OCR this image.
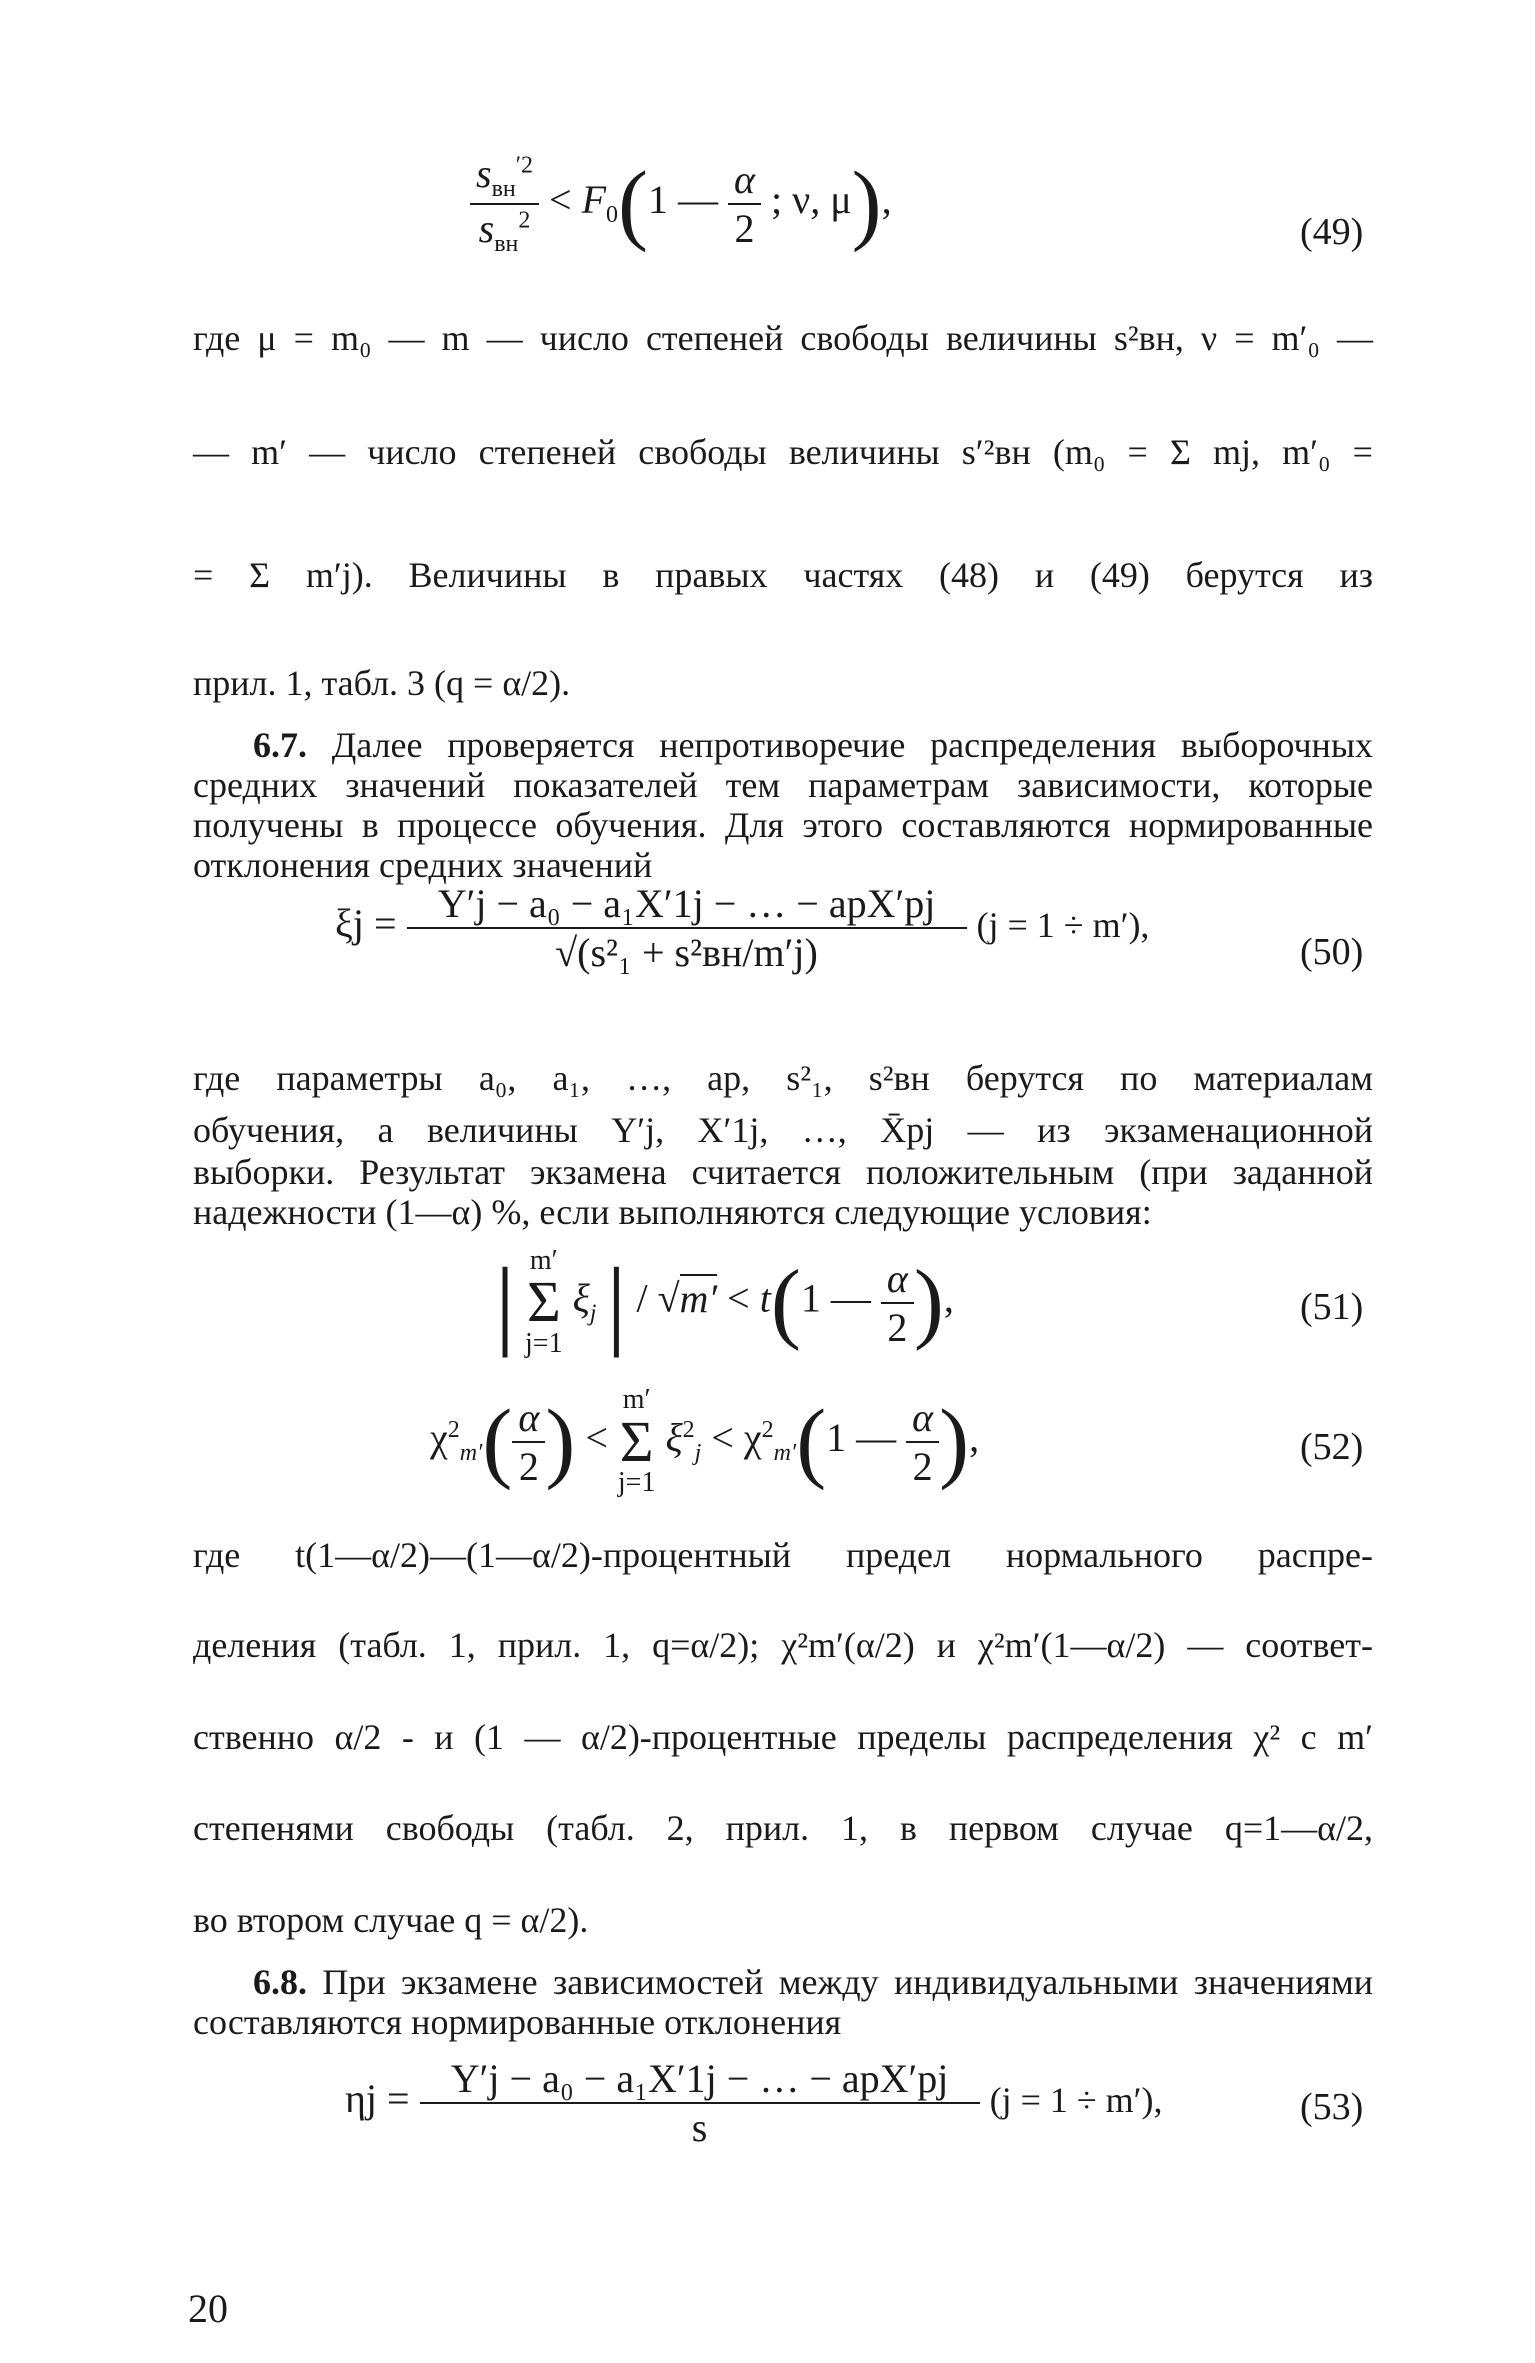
$\frac{s_{вн}^{'2}}{s_{вн}^2} < F_0(1$ — $\frac{\alpha}{2}$ ; ν, μ),
(49)
где μ = m₀ — m — число степеней свободы величины s²вн, ν = m′₀ —
— m′ — число степеней свободы величины s′²вн (m₀ = Σ mj, m′₀ =
= Σ m′j). Величины в правых частях (48) и (49) берутся из
прил. 1, табл. 3 (q = α/2).
6.7. Далее проверяется непротиворечие распределения выборочных средних значений показателей тем параметрам зависимости, которые получены в процессе обучения. Для этого составляются нормированные отклонения средних значений
$\xi j = \frac{\text{Y′j − a₀ − a₁X′1j − … − apX′pj}}{\text{√(s²₁ + s²вн/m′j)}} (j = 1 \div m')$,
(50)
где параметры a₀, a₁, …, ap, s²₁, s²вн берутся по материалам
обучения, а величины Y′j, X′1j, …, X̄pj — из экзаменационной
выборки. Результат экзамена считается положительным (при заданной надежности (1—α) %, если выполняются следующие условия:
| m′
Σ
j=1 $\xi_j$ | / √m′ < t(1 — $\frac{\alpha}{2}$ ),	(51)
$\chi^2_{m'}( \frac{\alpha}{2}$ ) < m′
Σ
j=1 $\xi^2_j < \chi^2_{m'}(1$ — $\frac{\alpha}{2}$ ),	(52)
где t(1—α/2)—(1—α/2)-процентный предел нормального распре-
деления (табл. 1, прил. 1, q=α/2); χ²m′(α/2) и χ²m′(1—α/2) — соответ-
ственно α/2 - и (1 — α/2)-процентные пределы распределения χ² с m′
степенями свободы (табл. 2, прил. 1, в первом случае q=1—α/2,
во втором случае q = α/2).
6.8. При экзамене зависимостей между индивидуальными значениями составляются нормированные отклонения
$\eta j = \frac{\text{Y′j − a₀ − a₁X′1j − … − apX′pj}}{s} (j = 1 \div m')$,	(53)
20
